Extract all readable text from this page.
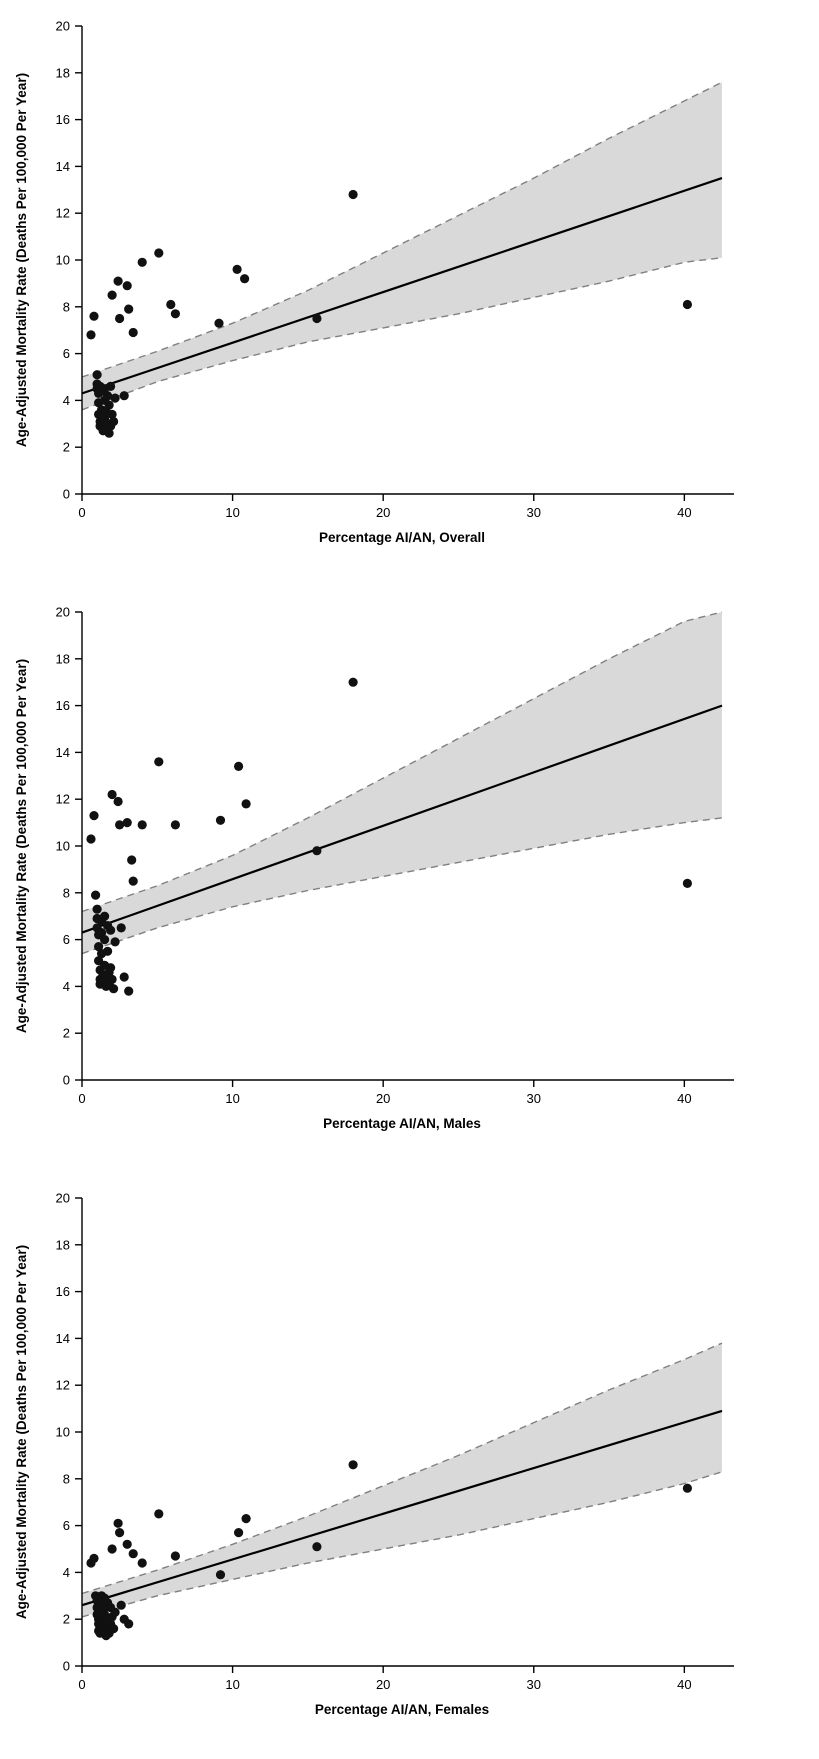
0
2
4
6
8
10
12
14
16
18
20
0	10	20	30	40
Percentage AI/AN, Overall
Age-Adjusted Mortality Rate (Deaths Per 100,000 Per Year)
0
2
4
6
8
10
12
14
16
18
20
0	10	20	30	40
Percentage AI/AN, Males
Age-Adjusted Mortality Rate (Deaths Per 100,000 Per Year)
0
2
4
6
8
10
12
14
16
18
20
0	10	20	30	40
Percentage AI/AN, Females
Age-Adjusted Mortality Rate (Deaths Per 100,000 Per Year)
